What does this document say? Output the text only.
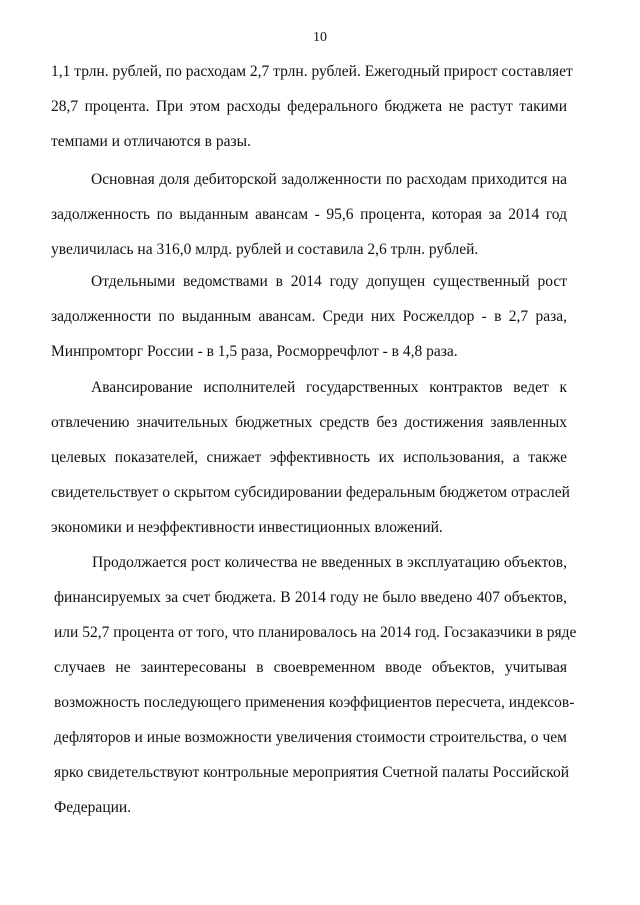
10
1,1 трлн. рублей, по расходам 2,7 трлн. рублей. Ежегодный прирост составляет
28,7 процента. При этом расходы федерального бюджета не растут такими
темпами и отличаются в разы.
Основная доля дебиторской задолженности по расходам приходится на
задолженность по выданным авансам - 95,6 процента, которая за 2014 год
увеличилась на 316,0 млрд. рублей и составила 2,6 трлн. рублей.
Отдельными ведомствами в 2014 году допущен существенный рост
задолженности по выданным авансам. Среди них Росжелдор - в 2,7 раза,
Минпромторг России - в 1,5 раза, Росморречфлот - в 4,8 раза.
Авансирование исполнителей государственных контрактов ведет к
отвлечению значительных бюджетных средств без достижения заявленных
целевых показателей, снижает эффективность их использования, а также
свидетельствует о скрытом субсидировании федеральным бюджетом отраслей
экономики и неэффективности инвестиционных вложений.
Продолжается рост количества не введенных в эксплуатацию объектов,
финансируемых за счет бюджета. В 2014 году не было введено 407 объектов,
или 52,7 процента от того, что планировалось на 2014 год. Госзаказчики в ряде
случаев не заинтересованы в своевременном вводе объектов, учитывая
возможность последующего применения коэффициентов пересчета, индексов-
дефляторов и иные возможности увеличения стоимости строительства, о чем
ярко свидетельствуют контрольные мероприятия Счетной палаты Российской
Федерации.
